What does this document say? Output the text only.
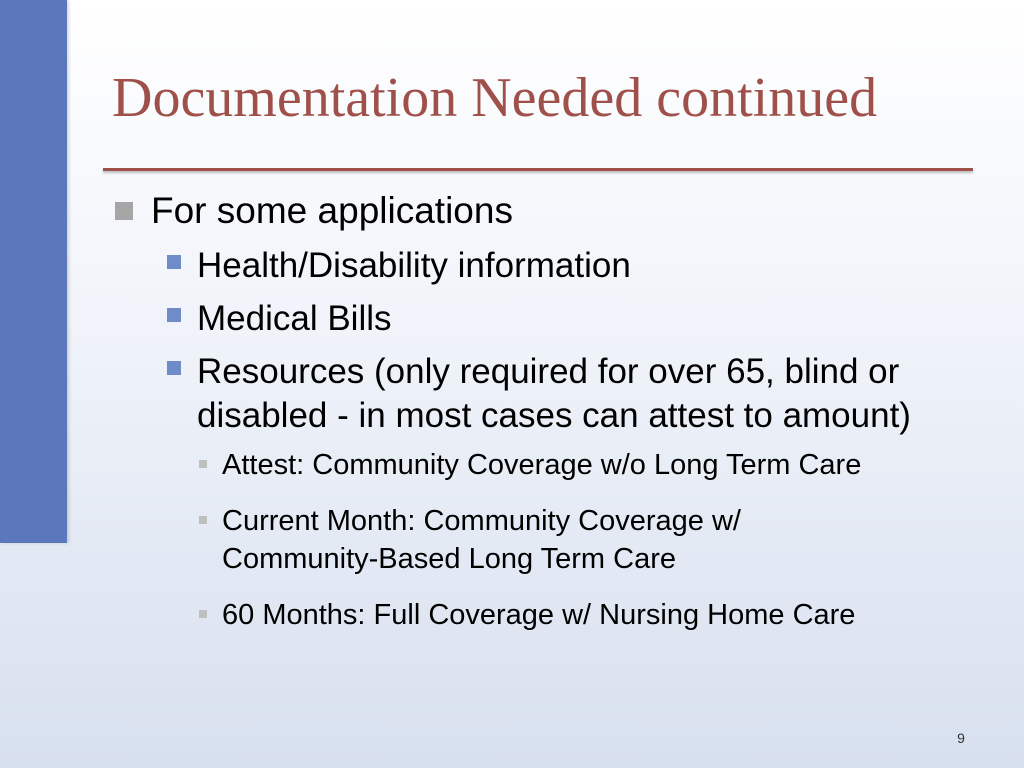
Documentation Needed continued
For some applications
Health/Disability information
Medical Bills
Resources (only required for over 65, blind or
disabled - in most cases can attest to amount)
Attest: Community Coverage w/o Long Term Care
Current Month: Community Coverage w/
Community-Based Long Term Care
60 Months: Full Coverage w/ Nursing Home Care
9
